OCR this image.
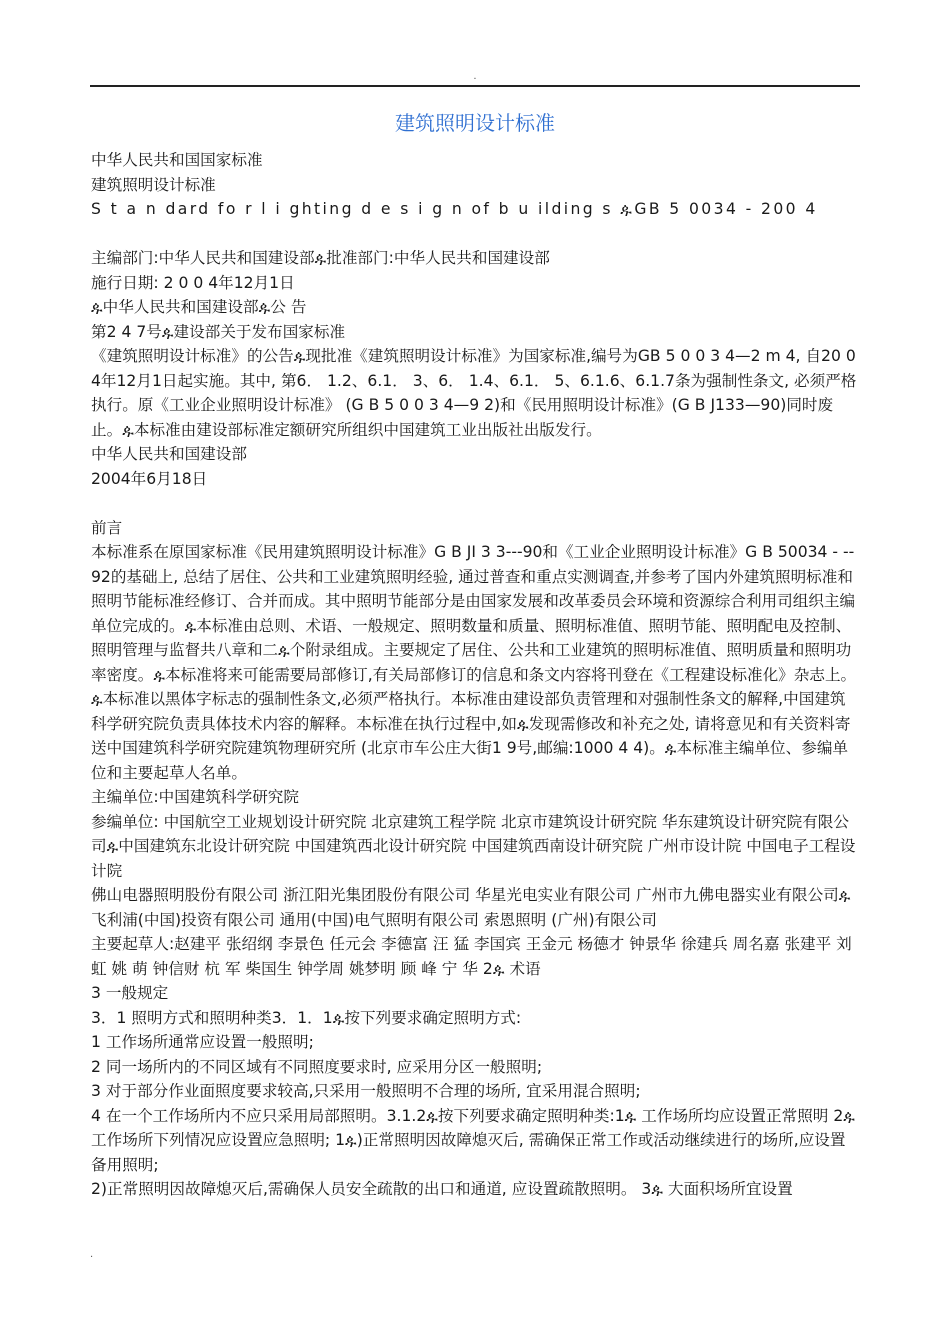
.
建筑照明设计标准

中华人民共和国国家标准

建筑照明设计标准

S t a n dard fo r l i ghting d e s i g n of b u ilding s ዹGB 5 0034 - 200 4

主编部门:中华人民共和国建设部ዹ批准部门:中华人民共和国建设部

施行日期: 2 0 0 4年12月1日

ዹ中华人民共和国建设部ዹ公 告

第2 4 7号ዹ建设部关于发布国家标准

《建筑照明设计标准》的公告ዹ现批准《建筑照明设计标准》为国家标准,编号为GB 5 0 0 3 4—2 m 4, 自20 0 4年12月1日起实施。其中, 第6． 1.2、6.1． 3、6． 1.4、6.1． 5、6.1.6、6.1.7条为强制性条文, 必须严格执行。原《工业企业照明设计标准》 (G B 5 0 0 3 4—9 2)和《民用照明设计标准》(G B J133—90)同时废止。ዹ本标准由建设部标准定额研究所组织中国建筑工业出版社出版发行。

中华人民共和国建设部

2004年6月18日

前言

本标准系在原国家标准《民用建筑照明设计标准》G B JI 3 3---90和《工业企业照明设计标准》G B 50034 - --92的基础上, 总结了居住、公共和工业建筑照明经验, 通过普查和重点实测调查,并参考了国内外建筑照明标准和照明节能标准经修订、合并而成。其中照明节能部分是由国家发展和改革委员会环境和资源综合利用司组织主编单位完成的。ዹ本标准由总则、术语、一般规定、照明数量和质量、照明标准值、照明节能、照明配电及控制、照明管理与监督共八章和二ዹ个附录组成。主要规定了居住、公共和工业建筑的照明标准值、照明质量和照明功率密度。ዹ本标准将来可能需要局部修订,有关局部修订的信息和条文内容将刊登在《工程建设标准化》杂志上。ዹ本标准以黑体字标志的强制性条文,必须严格执行。本标准由建设部负责管理和对强制性条文的解释,中国建筑科学研究院负责具体技术内容的解释。本标准在执行过程中,如ዹ发现需修改和补充之处, 请将意见和有关资料寄送中国建筑科学研究院建筑物理研究所 (北京市车公庄大街1 9号,邮编:1000 4 4)。ዹ本标准主编单位、参编单位和主要起草人名单。

主编单位:中国建筑科学研究院

参编单位: 中国航空工业规划设计研究院 北京建筑工程学院 北京市建筑设计研究院 华东建筑设计研究院有限公司ዹ中国建筑东北设计研究院 中国建筑西北设计研究院 中国建筑西南设计研究院 广州市设计院 中国电子工程设计院

佛山电器照明股份有限公司 浙江阳光集团股份有限公司 华星光电实业有限公司 广州市九佛电器实业有限公司ዹ飞利浦(中国)投资有限公司 通用(中国)电气照明有限公司 索恩照明 (广州)有限公司

主要起草人:赵建平 张绍纲 李景色 任元会 李德富 汪 猛 李国宾 王金元 杨德才 钟景华 徐建兵 周名嘉 张建平 刘 虹 姚 萌 钟信财 杭 军 柴国生 钟学周 姚梦明 顾 峰 宁 华 2ዹ 术语

3 一般规定

3．1 照明方式和照明种类3．1．1ዹ按下列要求确定照明方式:

1 工作场所通常应设置一般照明;

2 同一场所内的不同区域有不同照度要求时, 应采用分区一般照明;

3 对于部分作业面照度要求较高,只采用一般照明不合理的场所, 宜采用混合照明;

4 在一个工作场所内不应只采用局部照明。3.1.2ዹ按下列要求确定照明种类:1ዹ 工作场所均应设置正常照明 2ዹ 工作场所下列情况应设置应急照明; 1ዹ)正常照明因故障熄灭后, 需确保正常工作或活动继续进行的场所,应设置备用照明;

2)正常照明因故障熄灭后,需确保人员安全疏散的出口和通道, 应设置疏散照明。 3ዹ 大面积场所宜设置

.
